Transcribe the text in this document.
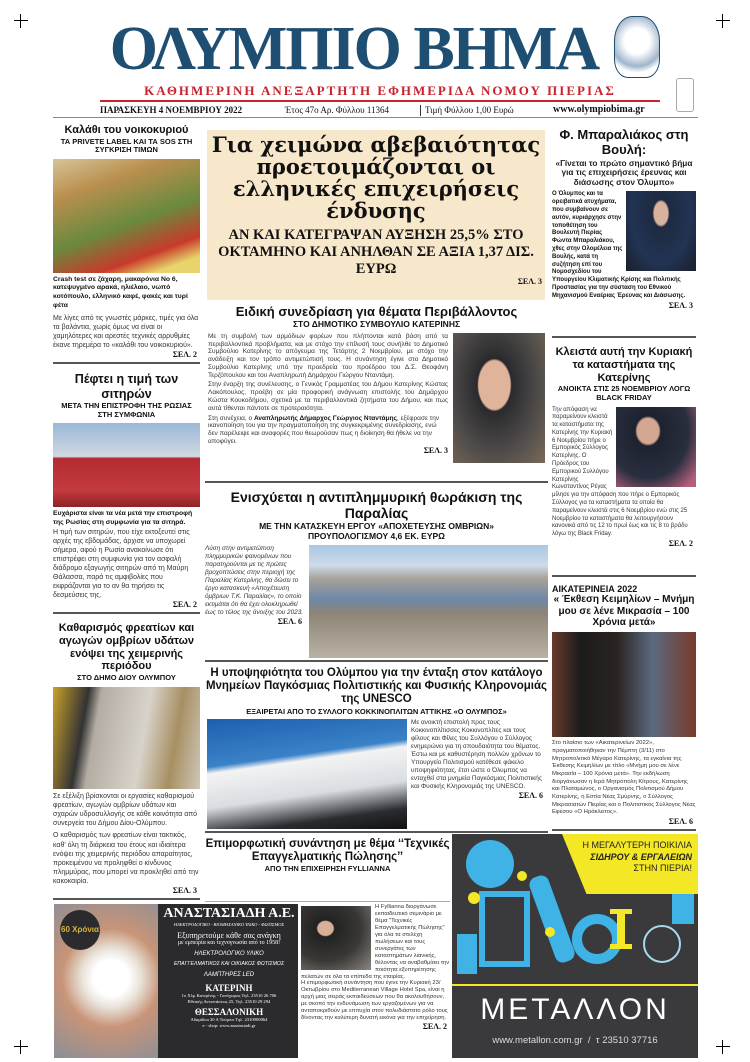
ΟΛΥΜΠΙΟ ΒΗΜΑ
ΚΑΘΗΜΕΡΙΝΗ ΑΝΕΞΑΡΤΗΤΗ ΕΦΗΜΕΡΙΔΑ ΝΟΜΟΥ ΠΙΕΡΙΑΣ
ΠΑΡΑΣΚΕΥΗ 4 ΝΟΕΜΒΡΙΟΥ 2022	Έτος 47ο Αρ. Φύλλου 11364	Τιμή Φύλλου 1,00 Ευρώ	www.olympiobima.gr
Καλάθι του νοικοκυριού
ΤΑ PRIVETE LABEL ΚΑΙ ΤΑ SOS ΣΤΗ ΣΥΓΚΡΙΣΗ ΤΙΜΩΝ
Crash test σε ζάχαρη, μακαρόνια Νο 6, κατεψυγμένο αρακά, ηλιέλαιο, νωπό κοτόπουλο, ελληνικό καφέ, φακές και τυρί φέτα
Με λίγες από τις γνωστές μάρκες, τιμές για όλα τα βαλάντια, χωρίς όμως να είναι οι χαμηλότερες και αρεστές τεχνικές αρρυθμίες έκανε τηρεμέρα το «καλάθι του νοικοκυριού».
ΣΕΛ. 2
Πέφτει η τιμή των σιτηρών
ΜΕΤΑ ΤΗΝ ΕΠΙΣΤΡΟΦΗ ΤΗΣ ΡΩΣΙΑΣ ΣΤΗ ΣΥΜΦΩΝΙΑ
Ευχάριστα είναι τα νέα μετά την επιστροφή της Ρωσίας στη συμφωνία για τα σιτηρά.
Η τιμή των σιτηρών, που είχε εκτοξευτεί στις αρχές της εβδομάδας, άρχισε να υποχωρεί σήμερα, αφού η Ρωσία ανακοίνωσε ότι επιστρέφει στη συμφωνία για τον ασφαλή διάδρομο εξαγωγής σιτηρών από τη Μαύρη Θάλασσα, παρά τις αμφιβολίες που εκφράζονται για το αν θα τηρήσει τις δεσμεύσεις της.
ΣΕΛ. 2
Καθαρισμός φρεατίων και αγωγών ομβρίων υδάτων ενόψει της χειμερινής περιόδου
ΣΤΟ ΔΗΜΟ ΔΙΟΥ ΟΛΥΜΠΟΥ
Σε εξέλιξη βρίσκονται οι εργασίες καθαρισμού φρεατίων, αγωγών ομβρίων υδάτων και σχαρών υδροσυλλογής σε κάθε κοινότητα από συνεργεία του Δήμου Δίου-Ολύμπου.
Ο καθαρισμός των φρεατίων είναι τακτικός, καθ' όλη τη διάρκεια του έτους και ιδιαίτερα ενόψει της χειμερινής περιόδου απαραίτητος, προκειμένου να προληφθεί ο κίνδυνος πλημμύρας, που μπορεί να προκληθεί από την κακοκαιρία.
ΣΕΛ. 3
Για χειμώνα αβεβαιότητας προετοιμάζονται οι ελληνικές επιχειρήσεις ένδυσης
ΑΝ ΚΑΙ ΚΑΤΕΓΡΑΨΑΝ ΑΥΞΗΣΗ 25,5% ΣΤΟ ΟΚΤΑΜΗΝΟ ΚΑΙ ΑΝΗΛΘΑΝ ΣΕ ΑΞΙΑ 1,37 ΔΙΣ. ΕΥΡΩ
ΣΕΛ. 3
Ειδική συνεδρίαση για θέματα Περιβάλλοντος
ΣΤΟ ΔΗΜΟΤΙΚΟ ΣΥΜΒΟΥΛΙΟ ΚΑΤΕΡΙΝΗΣ

Με τη συμβολή των αρμόδιων φορέων που πλήττονται κατά βάση από τα περιβαλλοντικά προβλήματα, και με στόχο την επίλυσή τους συνήλθε το Δημοτικό Συμβούλιο Κατερίνης το απόγευμα της Τετάρτης 2 Νοεμβρίου, με στόχο την ανάδειξη και τον τρόπο αντιμετώπισή τους. Η συνάντηση έγινε στο Δημοτικό Συμβούλιο Κατερίνης υπό την προεδρεία του προέδρου του Δ.Σ. Θεοφάνη Τερζόπουλου και του Αναπληρωτή Δημάρχου Γιώργου Νταντάμη.

Στην έναρξη της συνέλευσης, ο Γενικός Γραμματέας του Δήμου Κατερίνης Κώστας Λακόπουλος, προέβη σε μία προφορική ανάγνωση επιστολής του Δημάρχου Κώστα Κουκοδήμου, σχετικά με τα περιβαλλοντικά ζητήματα του Δήμου, και πως αυτά τίθενται πάντοτε σε προτεραιότητα.

Στη συνέχεια, ο Αναπληρωτής Δήμαρχος Γεώργιος Νταντάμης, εξέφρασε την ικανοποίηση του για την πραγματοποίηση της συγκεκριμένης συνεδρίασης, ενώ δεν παρέλειψε και αναφορές που θεωρούσαν πως η διοίκηση θα ήθελε να την αποφύγει.

ΣΕΛ. 3
Ενισχύεται η αντιπλημμυρική θωράκιση της Παραλίας
ΜΕ ΤΗΝ ΚΑΤΑΣΚΕΥΗ ΕΡΓΟΥ «ΑΠΟΧΕΤΕΥΣΗΣ ΟΜΒΡΙΩΝ» ΠΡΟΥΠΟΛΟΓΙΣΜΟΥ 4,6 ΕΚ. ΕΥΡΩ
Λύση στην αντιμετώπιση πλημμυρικών φαινομένων που παρατηρούνται με τις πρώτες βροχοπτώσεις στην περιοχή της Παραλίας Κατερίνης, θα δώσει το έργο κατασκευή «Αποχέτευση όμβριων Τ.Κ. Παραλίας», το οποίο εκτιμάται ότι θα έχει ολοκληρωθεί έως το τέλος της άνοιξης του 2023.
ΣΕΛ. 6
Η υποψηφιότητα του Ολύμπου για την ένταξη στον κατάλογο Μνημείων Παγκόσμιας Πολιτιστικής και Φυσικής Κληρονομιάς της UNESCO
ΕΞΑΙΡΕΤΑΙ ΑΠΟ ΤΟ ΣΥΛΛΟΓΟ ΚΟΚΚΙΝΟΠΛΙΤΩΝ ΑΤΤΙΚΗΣ «Ο ΟΛΥΜΠΟΣ»
Με ανοικτή επιστολή προς τους Κοκκινοπλίτισσες Κοκκινοπλίτες και τους φίλους και Φίλες του Συλλόγου ο Σύλλογος ενημερώνει για τη σπουδαιότητα του θέματος. Έστω και με καθυστέρηση πολλών χρόνων το Υπουργείο Πολιτισμού κατέθεσε φάκελο υποψηφιότητας, έτσι ώστε ο Όλυμπος να ενταχθεί στα μνημεία Παγκόσμιας Πολιτιστικής και Φυσικής Κληρονομιάς της UNESCO.
ΣΕΛ. 6
Επιμορφωτική συνάντηση με θέμα ‘‘Τεχνικές Επαγγελματικής Πώλησης’’
ΑΠΟ ΤΗΝ ΕΠΙΧΕΙΡΗΣΗ FYLLIANNA

Η Fyllianna διοργάνωσε εκπαιδευτικό σεμινάριο με θέμα "Τεχνικές Επαγγελματικής Πώλησης" για όλα τα στελέχη πωλήσεων και τους συνεργάτες των καταστημάτων λιανικής, θέλοντας να αναβαθμίσει την ποιότητα εξυπηρέτησης πελατών σε όλα τα επίπεδα της εταιρίας.

Η επιμορφωτική συνάντηση που έγινε την Κυριακή 23/Οκτωβρίου στο Mediterranean Village Hotel Spa, είναι η αρχή μιας σειράς εκπαιδεύσεων που θα ακολουθήσουν, με σκοπό την ενδυνάμωση των εργαζομένων για να ανταποκριθούν με επιτυχία στον πολυδιάστατο ρόλο τους δίνοντας την καλύτερη δυνατή εικόνα για την επιχείρηση.

ΣΕΛ. 2
60 Χρόνια
ΑΝΑΣΤΑΣΙΑΔΗ Α.Ε.
ΗΛΕΚΤΡΟΛΟΓΙΚΟ - ΒΙΟΜΗΧΑΝΙΚΟ ΥΛΙΚΟ - ΦΩΤΙΣΜΟΣ
Εξυπηρετούμε κάθε σας ανάγκη
με εμπειρία και τεχνογνωσία από το 1958!
ΗΛΕΚΤΡΟΛΟΓΙΚΟ ΥΛΙΚΟ
ΕΠΑΓΓΕΛΜΑΤΙΚΟΣ ΚΑΙ ΟΙΚΙΑΚΟΣ ΦΩΤΙΣΜΟΣ
ΛΑΜΠΤΗΡΕΣ LED
ΚΑΤΕΡΙΝΗ
1ο Χλμ Κατερίνης - Γανόχωρας Τηλ. 23510 26 706
Εθνικής Αντιστάσεως 25, Τηλ. 23510 29 294
ΘΕΣΣΑΛΟΝΙΚΗ
Αδαμίδου 20 Α Τούμπα Τηλ. 2310900064
e - shop: www.anastasiadi.gr
Φ. Μπαραλιάκος στη Βουλή:
«Γίνεται το πρώτο σημαντικό βήμα για τις επιχειρήσεις έρευνας και διάσωσης στον Όλυμπο»

Ο Όλυμπος και τα ορειβατικά ατυχήματα, που συμβαίνουν σε αυτόν, κυριάρχησε στην τοποθέτηση του Βουλευτή Πιερίας Φώντα Μπαραλιάκου, χθες στην Ολομέλεια της Βουλής, κατά τη συζήτηση επί του Νομοσχεδίου του Υπουργείου Κλιματικής Κρίσης και Πολιτικής Προστασίας για την σύσταση του Εθνικού Μηχανισμού Εναέριας Έρευνας και Διάσωσης.

ΣΕΛ. 3
Κλειστά αυτή την Κυριακή τα καταστήματα της Κατερίνης
ΑΝΟΙΚΤΑ ΣΤΙΣ 25 ΝΟΕΜΒΡΙΟΥ ΛΟΓΩ BLACK FRIDAY

Την απόφαση να παραμείνουν κλειστά τα καταστήματα της Κατερίνης την Κυριακή 6 Νοεμβρίου πήρε ο Εμπορικός Σύλλογος Κατερίνης. Ο Πρόεδρος του Εμπορικού Συλλόγου Κατερίνης Κωνσταντίνος Ρέγας μίλησε για την απόφαση που πήρε ο Εμπορικός Σύλλογος για τα καταστήματα τα οποία θα παραμείνουν κλειστά στις 6 Νοεμβρίου ενώ στις 25 Νοεμβρίου τα καταστήματα θα λειτουργήσουν κανονικά από τις 12 το πρωί έως και τις 8 το βράδυ λόγω της Black Friday.

ΣΕΛ. 2
ΑΙΚΑΤΕΡΙΝΕΙΑ 2022
« Έκθεση Κειμηλίων – Μνήμη μου σε λένε Μικρασία – 100 Χρόνια μετά»
Στο πλαίσιο των «Αικατερινείων 2022», πραγματοποιήθηκαν την Πέμπτη (3/11) στο Μητροπολιτικό Μέγαρο Κατερίνης, τα εγκαίνια της Έκθεσης Κειμηλίων με τίτλο «Μνήμη μου σε λένε Μικρασία – 100 Χρόνια μετά». Την εκδήλωση διοργάνωσαν η Ιερά Μητρόπολη Κίτρους, Κατερίνης και Πλαταμώνος, ο Οργανισμός Πολιτισμού Δήμου Κατερίνης, η Εστία Νέας Σμύρνης, ο Σύλλογος Μικρασιατών Πιερίας και ο Πολιτιστικός Σύλλογος Νέας Εφέσου «Ο Ηράκλειτος».
ΣΕΛ. 6
Η ΜΕΓΑΛΥΤΕΡΗ ΠΟΙΚΙΛΙΑ
ΣΙΔΗΡΟΥ & ΕΡΓΑΛΕΙΩΝ
ΣΤΗΝ ΠΙΕΡΙΑ!
ΜΕΤΑΛΛΟΝ
www.metallon.com.gr  /  τ 23510 37716
